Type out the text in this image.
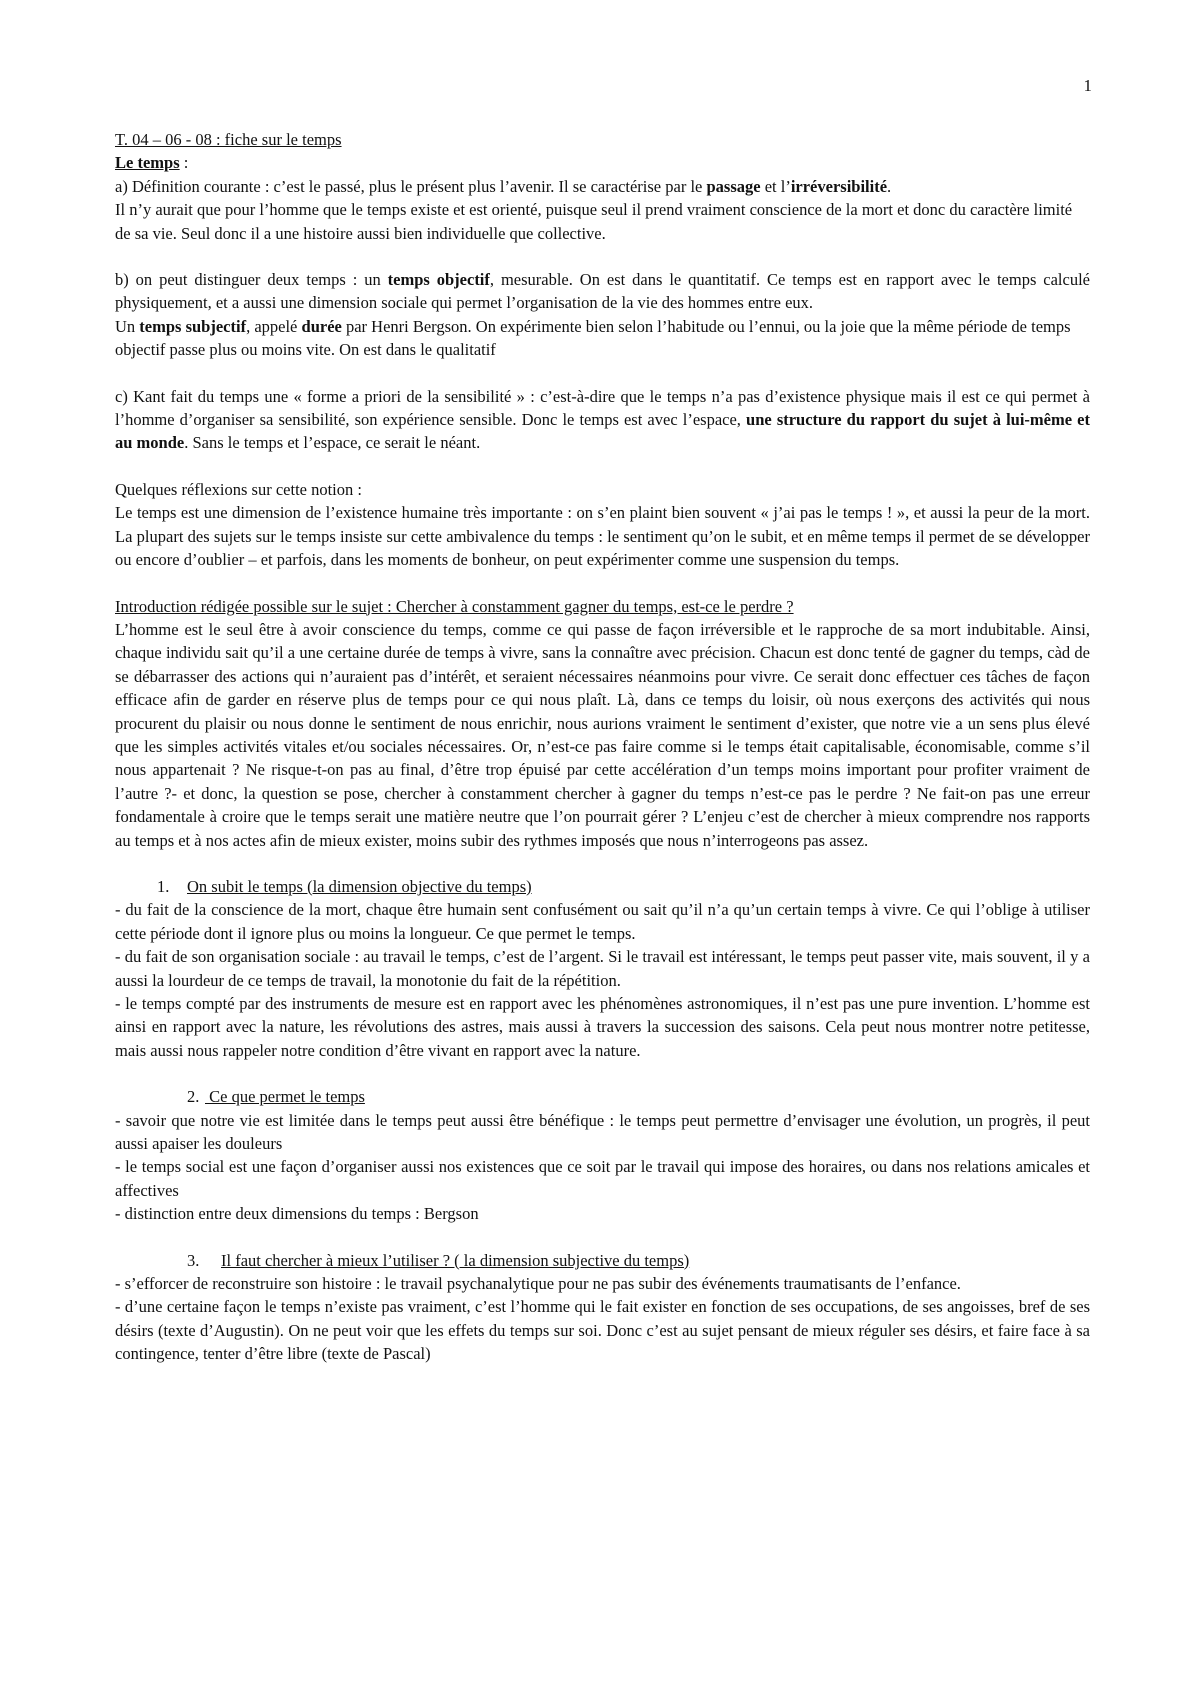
1

T. 04 – 06 - 08 : fiche sur le temps

Le temps :

a) Définition courante : c’est le passé, plus le présent plus l’avenir. Il se caractérise par le passage et l’irréversibilité.

Il n’y aurait que pour l’homme que le temps existe et est orienté, puisque seul il prend vraiment conscience de la mort et donc du caractère limité de sa vie. Seul donc il a une histoire aussi bien individuelle que collective.

b) on peut distinguer deux temps : un temps objectif, mesurable. On est dans le quantitatif. Ce temps est en rapport avec le temps calculé physiquement, et a aussi une dimension sociale qui permet l’organisation de la vie des hommes entre eux.

Un temps subjectif, appelé durée par Henri Bergson. On expérimente bien selon l’habitude ou l’ennui, ou la joie que la même période de temps objectif passe plus ou moins vite. On est dans le qualitatif

c) Kant fait du temps une « forme a priori de la sensibilité » : c’est-à-dire que le temps n’a pas d’existence physique mais il est ce qui permet à l’homme d’organiser sa sensibilité, son expérience sensible. Donc le temps est avec l’espace, une structure du rapport du sujet à lui-même et au monde. Sans le temps et l’espace, ce serait le néant.

Quelques réflexions sur cette notion :

Le temps est une dimension de l’existence humaine très importante : on s’en plaint bien souvent « j’ai pas le temps ! », et aussi la peur de la mort. La plupart des sujets sur le temps insiste sur cette ambivalence du temps : le sentiment qu’on le subit, et en même temps il permet de se développer ou encore d’oublier – et parfois, dans les moments de bonheur, on peut expérimenter comme une suspension du temps.

Introduction rédigée possible sur le sujet : Chercher à constamment gagner du temps, est-ce le perdre ?

L’homme est le seul être à avoir conscience du temps, comme ce qui passe de façon irréversible et le rapproche de sa mort indubitable. Ainsi, chaque individu sait qu’il a une certaine durée de temps à vivre, sans la connaître avec précision. Chacun est donc tenté de gagner du temps, càd de se débarrasser des actions qui n’auraient pas d’intérêt, et seraient nécessaires néanmoins pour vivre. Ce serait donc effectuer ces tâches de façon efficace afin de garder en réserve plus de temps pour ce qui nous plaît. Là, dans ce temps du loisir, où nous exerçons des activités qui nous procurent du plaisir ou nous donne le sentiment de nous enrichir, nous aurions vraiment le sentiment d’exister, que notre vie a un sens plus élevé que les simples activités vitales et/ou sociales nécessaires. Or, n’est-ce pas faire comme si le temps était capitalisable, économisable, comme s’il nous appartenait ? Ne risque-t-on pas au final, d’être trop épuisé par cette accélération d’un temps moins important pour profiter vraiment de l’autre ?- et donc, la question se pose, chercher à constamment chercher à gagner du temps n’est-ce pas le perdre ? Ne fait-on pas une erreur fondamentale à croire que le temps serait une matière neutre que l’on pourrait gérer ? L’enjeu c’est de chercher à mieux comprendre nos rapports au temps et à nos actes afin de mieux exister, moins subir des rythmes imposés que nous n’interrogeons pas assez.

1. On subit le temps (la dimension objective du temps)

- du fait de la conscience de la mort, chaque être humain sent confusément ou sait qu’il n’a qu’un certain temps à vivre. Ce qui l’oblige à utiliser cette période dont il ignore plus ou moins la longueur. Ce que permet le temps.

- du fait de son organisation sociale : au travail le temps, c’est de l’argent. Si le travail est intéressant, le temps peut passer vite, mais souvent, il y a aussi la lourdeur de ce temps de travail, la monotonie du fait de la répétition.

- le temps compté par des instruments de mesure est en rapport avec les phénomènes astronomiques, il n’est pas une pure invention. L’homme est ainsi en rapport avec la nature, les révolutions des astres, mais aussi à travers la succession des saisons. Cela peut nous montrer notre petitesse, mais aussi nous rappeler notre condition d’être vivant en rapport avec la nature.

2. Ce que permet le temps

- savoir que notre vie est limitée dans le temps peut aussi être bénéfique : le temps peut permettre d’envisager une évolution, un progrès, il peut aussi apaiser les douleurs

- le temps social est une façon d’organiser aussi nos existences que ce soit par le travail qui impose des horaires, ou dans nos relations amicales et affectives

- distinction entre deux dimensions du temps : Bergson

3. Il faut chercher à mieux l’utiliser ? ( la dimension subjective du temps)

- s’efforcer de reconstruire son histoire : le travail psychanalytique pour ne pas subir des événements traumatisants de l’enfance.

- d’une certaine façon le temps n’existe pas vraiment, c’est l’homme qui le fait exister en fonction de ses occupations, de ses angoisses, bref de ses désirs (texte d’Augustin). On ne peut voir que les effets du temps sur soi. Donc c’est au sujet pensant de mieux réguler ses désirs, et faire face à sa contingence, tenter d’être libre (texte de Pascal)
